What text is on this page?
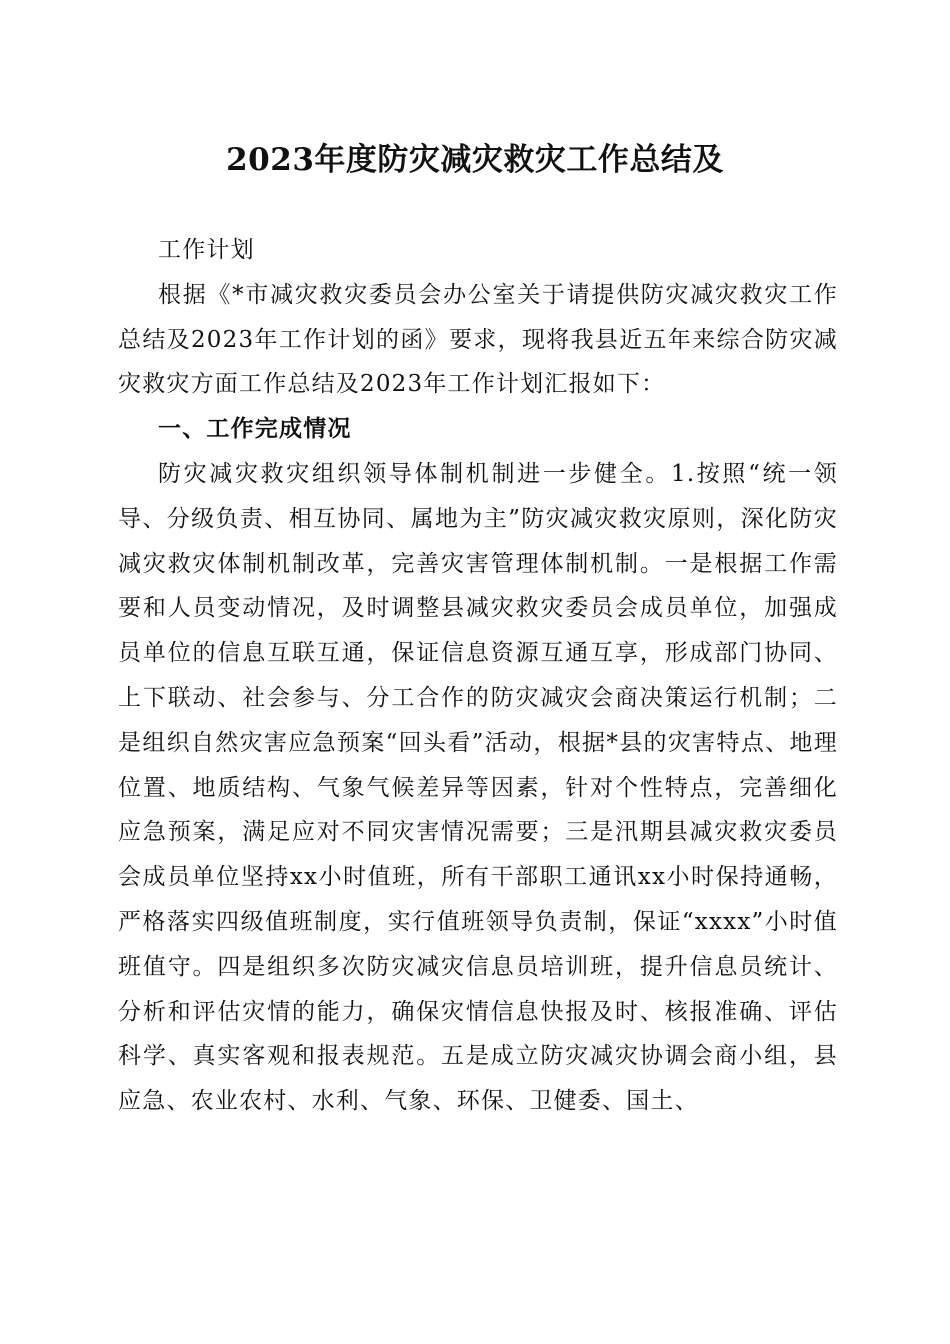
2023年度防灾减灾救灾工作总结及

工作计划

根据《*市减灾救灾委员会办公室关于请提供防灾减灾救灾工作总结及2023年工作计划的函》要求，现将我县近五年来综合防灾减灾救灾方面工作总结及2023年工作计划汇报如下：

一、工作完成情况

防灾减灾救灾组织领导体制机制进一步健全。1.按照“统一领导、分级负责、相互协同、属地为主”防灾减灾救灾原则，深化防灾减灾救灾体制机制改革，完善灾害管理体制机制。一是根据工作需要和人员变动情况，及时调整县减灾救灾委员会成员单位，加强成员单位的信息互联互通，保证信息资源互通互享，形成部门协同、上下联动、社会参与、分工合作的防灾减灾会商决策运行机制；二是组织自然灾害应急预案“回头看”活动，根据*县的灾害特点、地理位置、地质结构、气象气候差异等因素，针对个性特点，完善细化应急预案，满足应对不同灾害情况需要；三是汛期县减灾救灾委员会成员单位坚持xx小时值班，所有干部职工通讯xx小时保持通畅，严格落实四级值班制度，实行值班领导负责制，保证“xxxx”小时值班值守。四是组织多次防灾减灾信息员培训班，提升信息员统计、分析和评估灾情的能力，确保灾情信息快报及时、核报准确、评估科学、真实客观和报表规范。五是成立防灾减灾协调会商小组，县应急、农业农村、水利、气象、环保、卫健委、国土、
